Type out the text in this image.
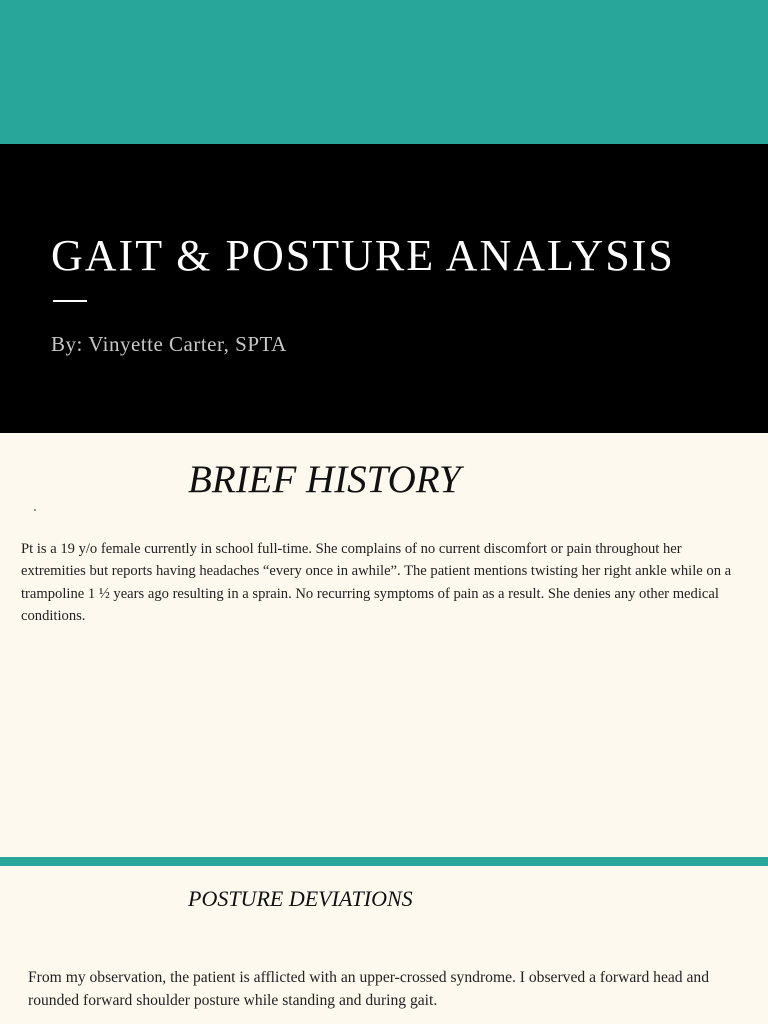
GAIT & POSTURE ANALYSIS
By: Vinyette Carter, SPTA
BRIEF HISTORY

Pt is a 19 y/o female currently in school full-time. She complains of no current discomfort or pain throughout her extremities but reports having headaches “every once in awhile”. The patient mentions twisting her right ankle while on a trampoline 1 ½ years ago resulting in a sprain. No recurring symptoms of pain as a result. She denies any other medical conditions.

POSTURE DEVIATIONS

From my observation, the patient is afflicted with an upper-crossed syndrome. I observed a forward head and rounded forward shoulder posture while standing and during gait.
